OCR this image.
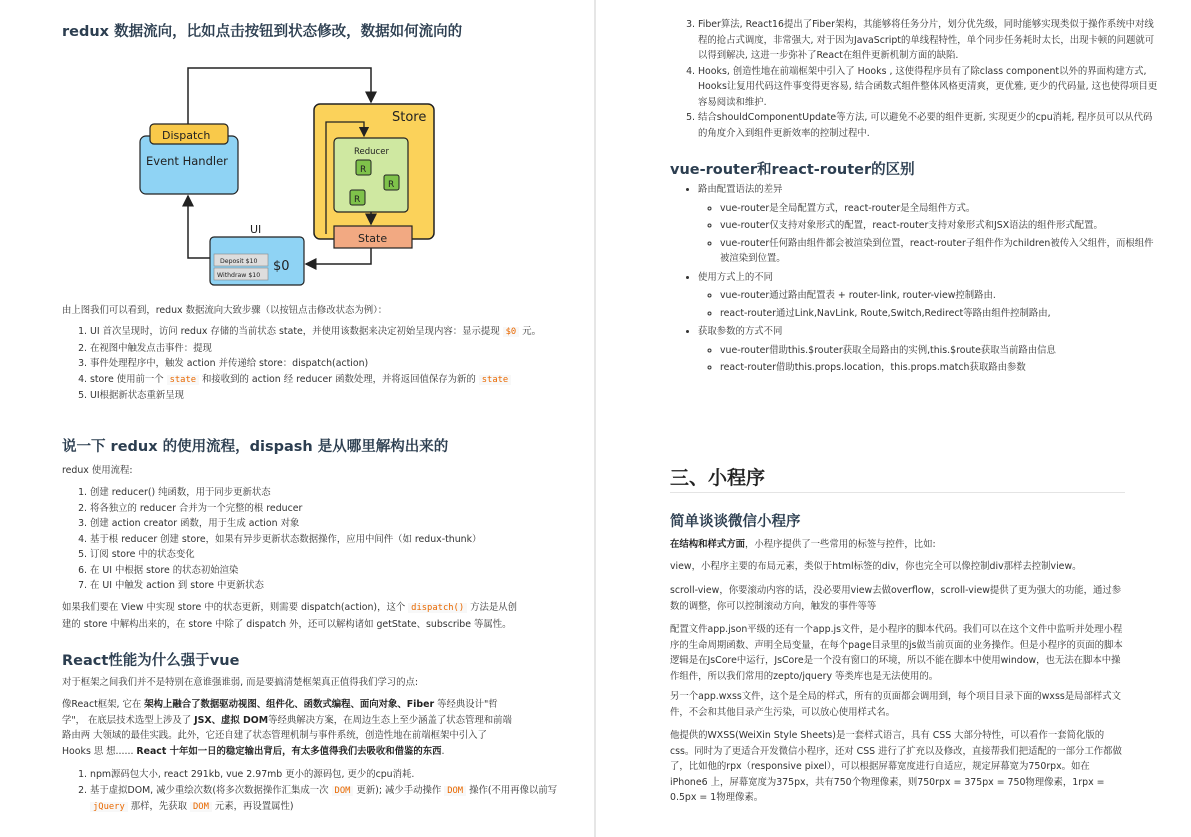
redux 数据流向，比如点击按钮到状态修改，数据如何流向的
Store
Reducer
R
R
R
State
Dispatch
Event Handler
UI
Deposit $10
Withdraw $10
$0

由上图我们可以看到，redux 数据流向大致步骤（以按钮点击修改状态为例）：

1. UI 首次呈现时，访问 redux 存储的当前状态 state，并使用该数据来决定初始呈现内容：显示提现 $0 元。
2. 在视图中触发点击事件：提现
3. 事件处理程序中，触发 action 并传递给 store：dispatch(action)
4. store 使用前一个 state 和接收到的 action 经 reducer 函数处理，并将返回值保存为新的 state
5. UI根据新状态重新呈现
说一下 redux 的使用流程，dispash 是从哪里解构出来的

redux 使用流程:

1. 创建 reducer() 纯函数，用于同步更新状态
2. 将各独立的 reducer 合并为一个完整的根 reducer
3. 创建 action creator 函数，用于生成 action 对象
4. 基于根 reducer 创建 store，如果有异步更新状态数据操作，应用中间件（如 redux-thunk）
5. 订阅 store 中的状态变化
6. 在 UI 中根据 store 的状态初始渲染
7. 在 UI 中触发 action 到 store 中更新状态

如果我们要在 View 中实现 store 中的状态更新，则需要 dispatch(action)，这个 dispatch() 方法是从创建的 store 中解构出来的，在 store 中除了 dispatch 外，还可以解构诸如 getState、subscribe 等属性。

React性能为什么强于vue

对于框架之间我们并不是特别在意谁强谁弱, 而是要搞清楚框架真正值得我们学习的点:

像React框架, 它在 架构上融合了数据驱动视图、组件化、函数式编程、面向对象、Fiber 等经典设计"哲学"， 在底层技术选型上涉及了 JSX、虚拟 DOM等经典解决方案，在周边生态上至少涵盖了状态管理和前端路由两 大领域的最佳实践。此外，它还自建了状态管理机制与事件系统，创造性地在前端框架中引入了 Hooks 思 想...... React 十年如一日的稳定输出背后，有太多值得我们去吸收和借鉴的东西.

1. npm源码包大小, react 291kb, vue 2.97mb 更小的源码包, 更少的cpu消耗.
2. 基于虚拟DOM, 减少重绘次数(将多次数据操作汇集成一次 DOM 更新); 减少手动操作 DOM 操作(不用再像以前写 jQuery 那样，先获取 DOM 元素，再设置属性)
3. Fiber算法, React16提出了Fiber架构，其能够将任务分片，划分优先级，同时能够实现类似于操作系统中对线程的抢占式调度，非常强大, 对于因为JavaScript的单线程特性，单个同步任务耗时太长，出现卡顿的问题就可以得到解决, 这进一步弥补了React在组件更新机制方面的缺陷.
4. Hooks, 创造性地在前端框架中引入了 Hooks , 这使得程序员有了除class component以外的界面构建方式, Hooks让复用代码这件事变得更容易, 结合函数式组件整体风格更清爽，更优雅, 更少的代码量, 这也使得项目更容易阅读和维护.
5. 结合shouldComponentUpdate等方法, 可以避免不必要的组件更新, 实现更少的cpu消耗, 程序员可以从代码的角度介入到组件更新效率的控制过程中.
vue-router和react-router的区别
• 路由配置语法的差异
◦ vue-router是全局配置方式，react-router是全局组件方式。
◦ vue-router仅支持对象形式的配置，react-router支持对象形式和JSX语法的组件形式配置。
◦ vue-router任何路由组件都会被渲染到位置，react-router子组件作为children被传入父组件，而根组件被渲染到位置。
• 使用方式上的不同
◦ vue-router通过路由配置表 + router-link, router-view控制路由.
◦ react-router通过Link,NavLink, Route,Switch,Redirect等路由组件控制路由,
• 获取参数的方式不同
◦ vue-router借助this.$router获取全局路由的实例,this.$route获取当前路由信息
◦ react-router借助this.props.location，this.props.match获取路由参数
三、小程序
简单谈谈微信小程序

在结构和样式方面，小程序提供了一些常用的标签与控件，比如:

view，小程序主要的布局元素，类似于html标签的div，你也完全可以像控制div那样去控制view。

scroll-view，你要滚动内容的话，没必要用view去做overflow，scroll-view提供了更为强大的功能，通过参数的调整，你可以控制滚动方向，触发的事件等等

配置文件app.json平级的还有一个app.js文件，是小程序的脚本代码。我们可以在这个文件中监听并处理小程序的生命周期函数、声明全局变量，在每个page目录里的js做当前页面的业务操作。但是小程序的页面的脚本逻辑是在JsCore中运行，JsCore是一个没有窗口的环境，所以不能在脚本中使用window，也无法在脚本中操作组件，所以我们常用的zepto/jquery 等类库也是无法使用的。

另一个app.wxss文件，这个是全局的样式，所有的页面都会调用到，每个项目目录下面的wxss是局部样式文件，不会和其他目录产生污染，可以放心使用样式名。

他提供的WXSS(WeiXin Style Sheets)是一套样式语言，具有 CSS 大部分特性，可以看作一套简化版的css。同时为了更适合开发微信小程序，还对 CSS 进行了扩充以及修改，直接帮我们把适配的一部分工作都做了，比如他的rpx（responsive pixel），可以根据屏幕宽度进行自适应，规定屏幕宽为750rpx。如在 iPhone6 上，屏幕宽度为375px，共有750个物理像素，则750rpx = 375px = 750物理像素，1rpx = 0.5px = 1物理像素。
